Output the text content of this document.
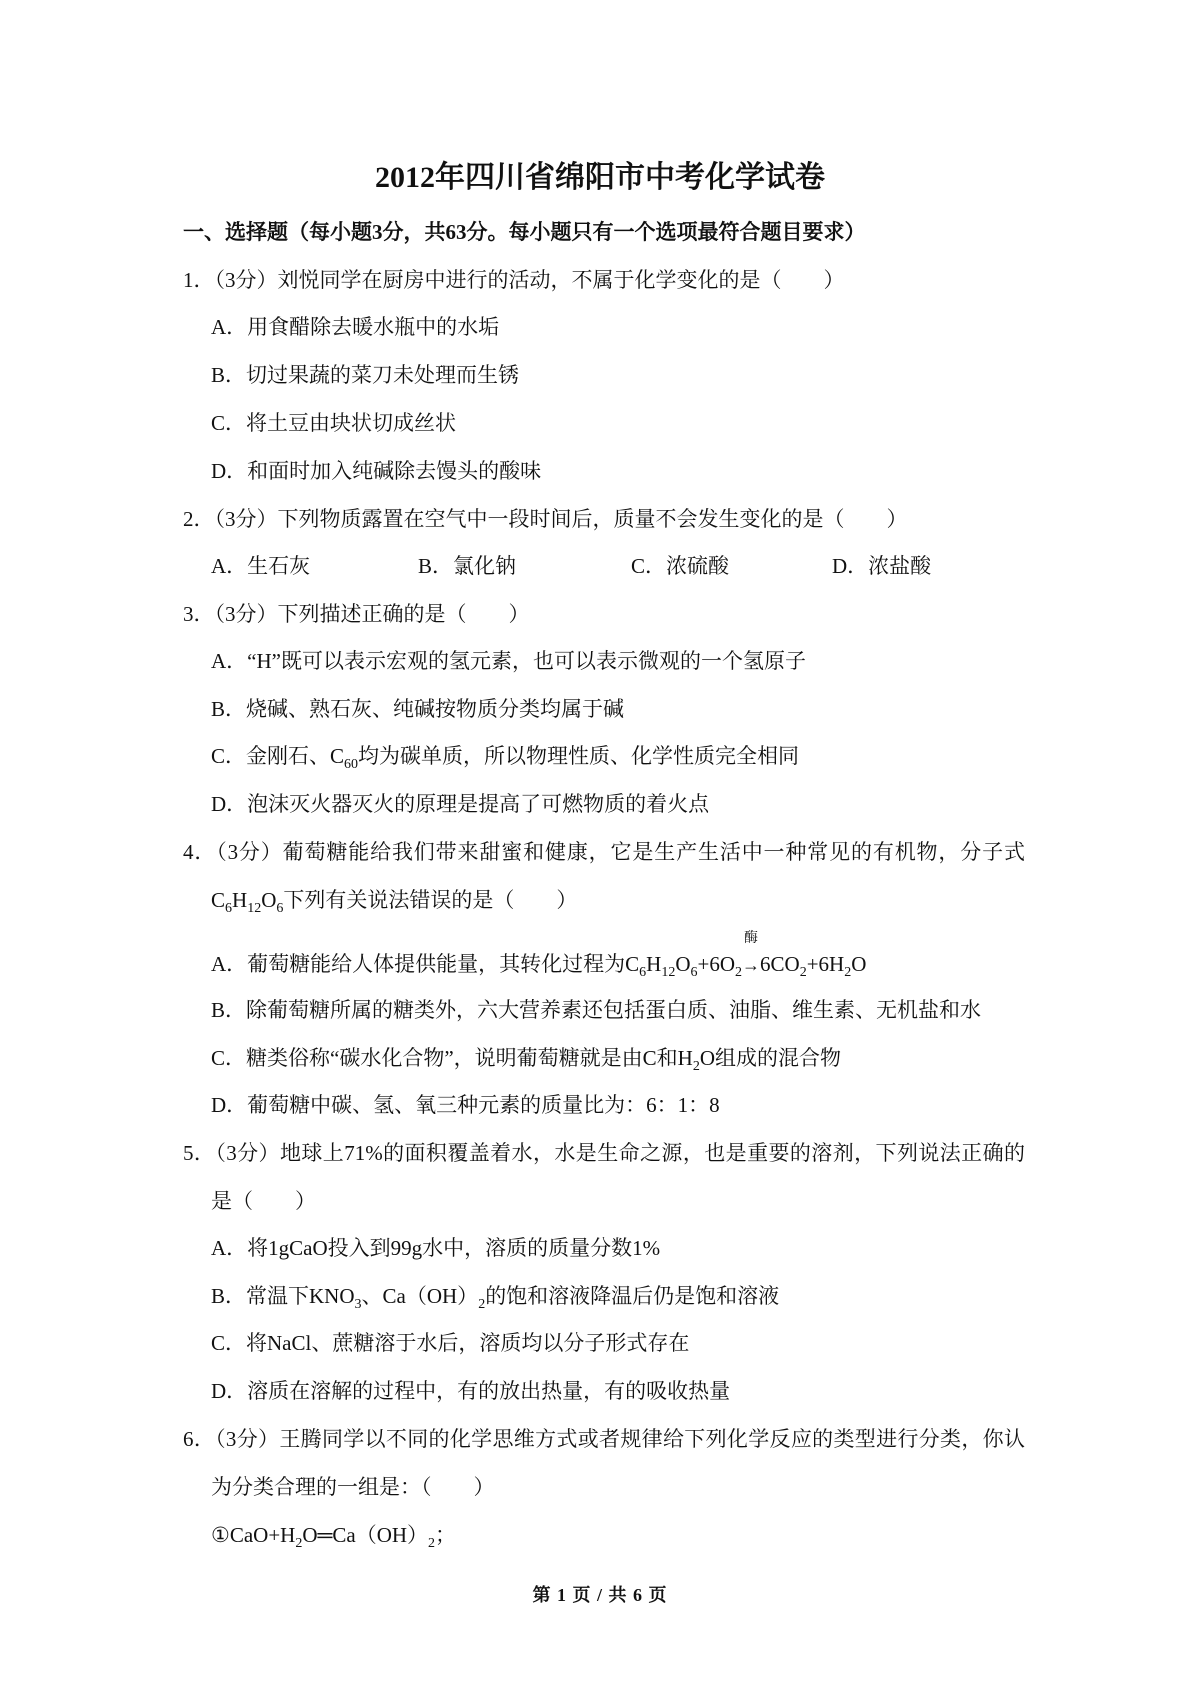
2012年四川省绵阳市中考化学试卷
一、选择题（每小题3分，共63分。每小题只有一个选项最符合题目要求）
1．（3分）刘悦同学在厨房中进行的活动，不属于化学变化的是（　　）
A．用食醋除去暖水瓶中的水垢
B．切过果蔬的菜刀未处理而生锈
C．将土豆由块状切成丝状
D．和面时加入纯碱除去馒头的酸味
2．（3分）下列物质露置在空气中一段时间后，质量不会发生变化的是（　　）
A．生石灰	B．氯化钠	C．浓硫酸	D．浓盐酸
3．（3分）下列描述正确的是（　　）
A．“H”既可以表示宏观的氢元素，也可以表示微观的一个氢原子
B．烧碱、熟石灰、纯碱按物质分类均属于碱
C．金刚石、$C_{60}$均为碳单质，所以物理性质、化学性质完全相同
D．泡沫灭火器灭火的原理是提高了可燃物质的着火点
4．（3分）葡萄糖能给我们带来甜蜜和健康，它是生产生活中一种常见的有机物，分子式
$C_6H_{12}O_6$下列有关说法错误的是（　　）
A．葡萄糖能给人体提供能量，其转化过程为$C_6H_{12}O_6+6O_2\to$
酶
$6CO_2+6H_2O$
B．除葡萄糖所属的糖类外，六大营养素还包括蛋白质、油脂、维生素、无机盐和水
C．糖类俗称“碳水化合物”，说明葡萄糖就是由C和$H_2O$组成的混合物
D．葡萄糖中碳、氢、氧三种元素的质量比为：6：1：8
5．（3分）地球上71%的面积覆盖着水，水是生命之源，也是重要的溶剂，下列说法正确的
是（　　）
A．将1gCaO投入到99g水中，溶质的质量分数1%
B．常温下$KNO_3$、$Ca(OH)_2$的饱和溶液降温后仍是饱和溶液
C．将NaCl、蔗糖溶于水后，溶质均以分子形式存在
D．溶质在溶解的过程中，有的放出热量，有的吸收热量
6．（3分）王腾同学以不同的化学思维方式或者规律给下列化学反应的类型进行分类，你认
为分类合理的一组是：（　　）
$①CaO+H_2O═Ca(OH)_2$；
第 1 页 / 共 6 页
